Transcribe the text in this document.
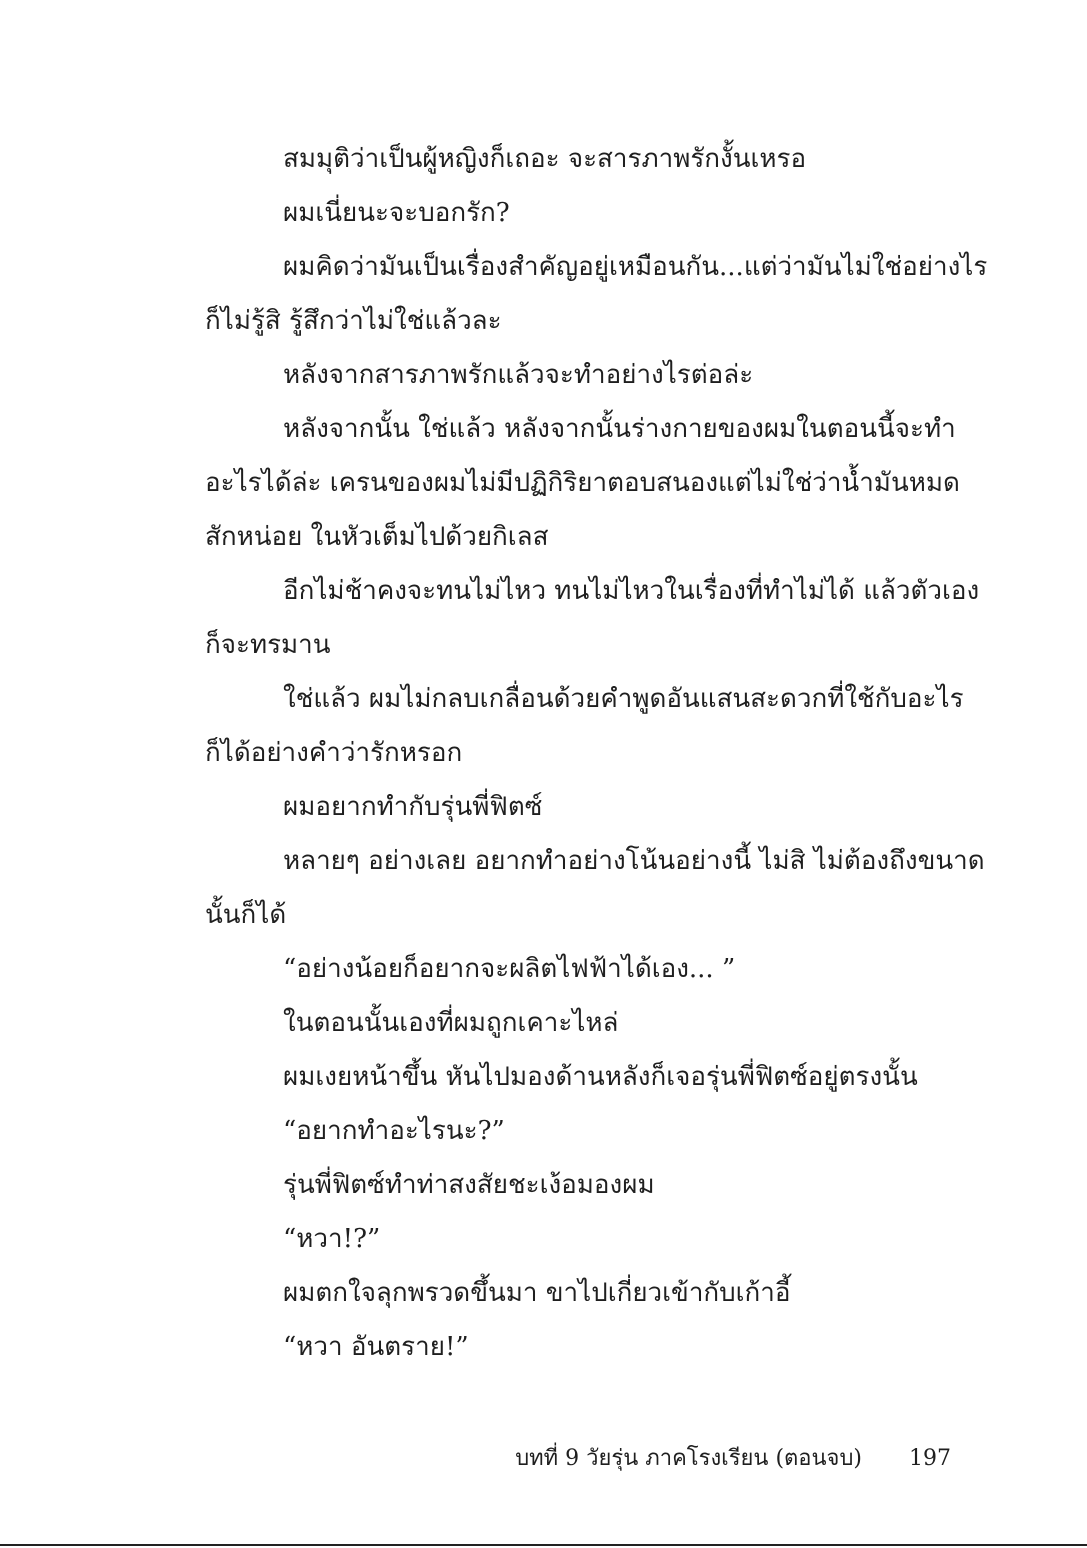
สมมุติว่าเป็นผู้หญิงก็เถอะ จะสารภาพรักงั้นเหรอ
ผมเนี่ยนะจะบอกรัก?
ผมคิดว่ามันเป็นเรื่องสำคัญอยู่เหมือนกัน...แต่ว่ามันไม่ใช่อย่างไร
ก็ไม่รู้สิ รู้สึกว่าไม่ใช่แล้วละ
หลังจากสารภาพรักแล้วจะทำอย่างไรต่อล่ะ
หลังจากนั้น ใช่แล้ว หลังจากนั้นร่างกายของผมในตอนนี้จะทำ
อะไรได้ล่ะ เครนของผมไม่มีปฏิกิริยาตอบสนองแต่ไม่ใช่ว่าน้ำมันหมด
สักหน่อย ในหัวเต็มไปด้วยกิเลส
อีกไม่ช้าคงจะทนไม่ไหว ทนไม่ไหวในเรื่องที่ทำไม่ได้ แล้วตัวเอง
ก็จะทรมาน
ใช่แล้ว ผมไม่กลบเกลื่อนด้วยคำพูดอันแสนสะดวกที่ใช้กับอะไร
ก็ได้อย่างคำว่ารักหรอก
ผมอยากทำกับรุ่นพี่ฟิตซ์
หลายๆ อย่างเลย อยากทำอย่างโน้นอย่างนี้ ไม่สิ ไม่ต้องถึงขนาด
นั้นก็ได้
“อย่างน้อยก็อยากจะผลิตไฟฟ้าได้เอง... ”
ในตอนนั้นเองที่ผมถูกเคาะไหล่
ผมเงยหน้าขึ้น หันไปมองด้านหลังก็เจอรุ่นพี่ฟิตซ์อยู่ตรงนั้น
“อยากทำอะไรนะ?”
รุ่นพี่ฟิตซ์ทำท่าสงสัยชะเง้อมองผม
“หวา!?”
ผมตกใจลุกพรวดขึ้นมา ขาไปเกี่ยวเข้ากับเก้าอี้
“หวา อันตราย!”
บทที่ 9 วัยรุ่น ภาคโรงเรียน (ตอนจบ) 197
